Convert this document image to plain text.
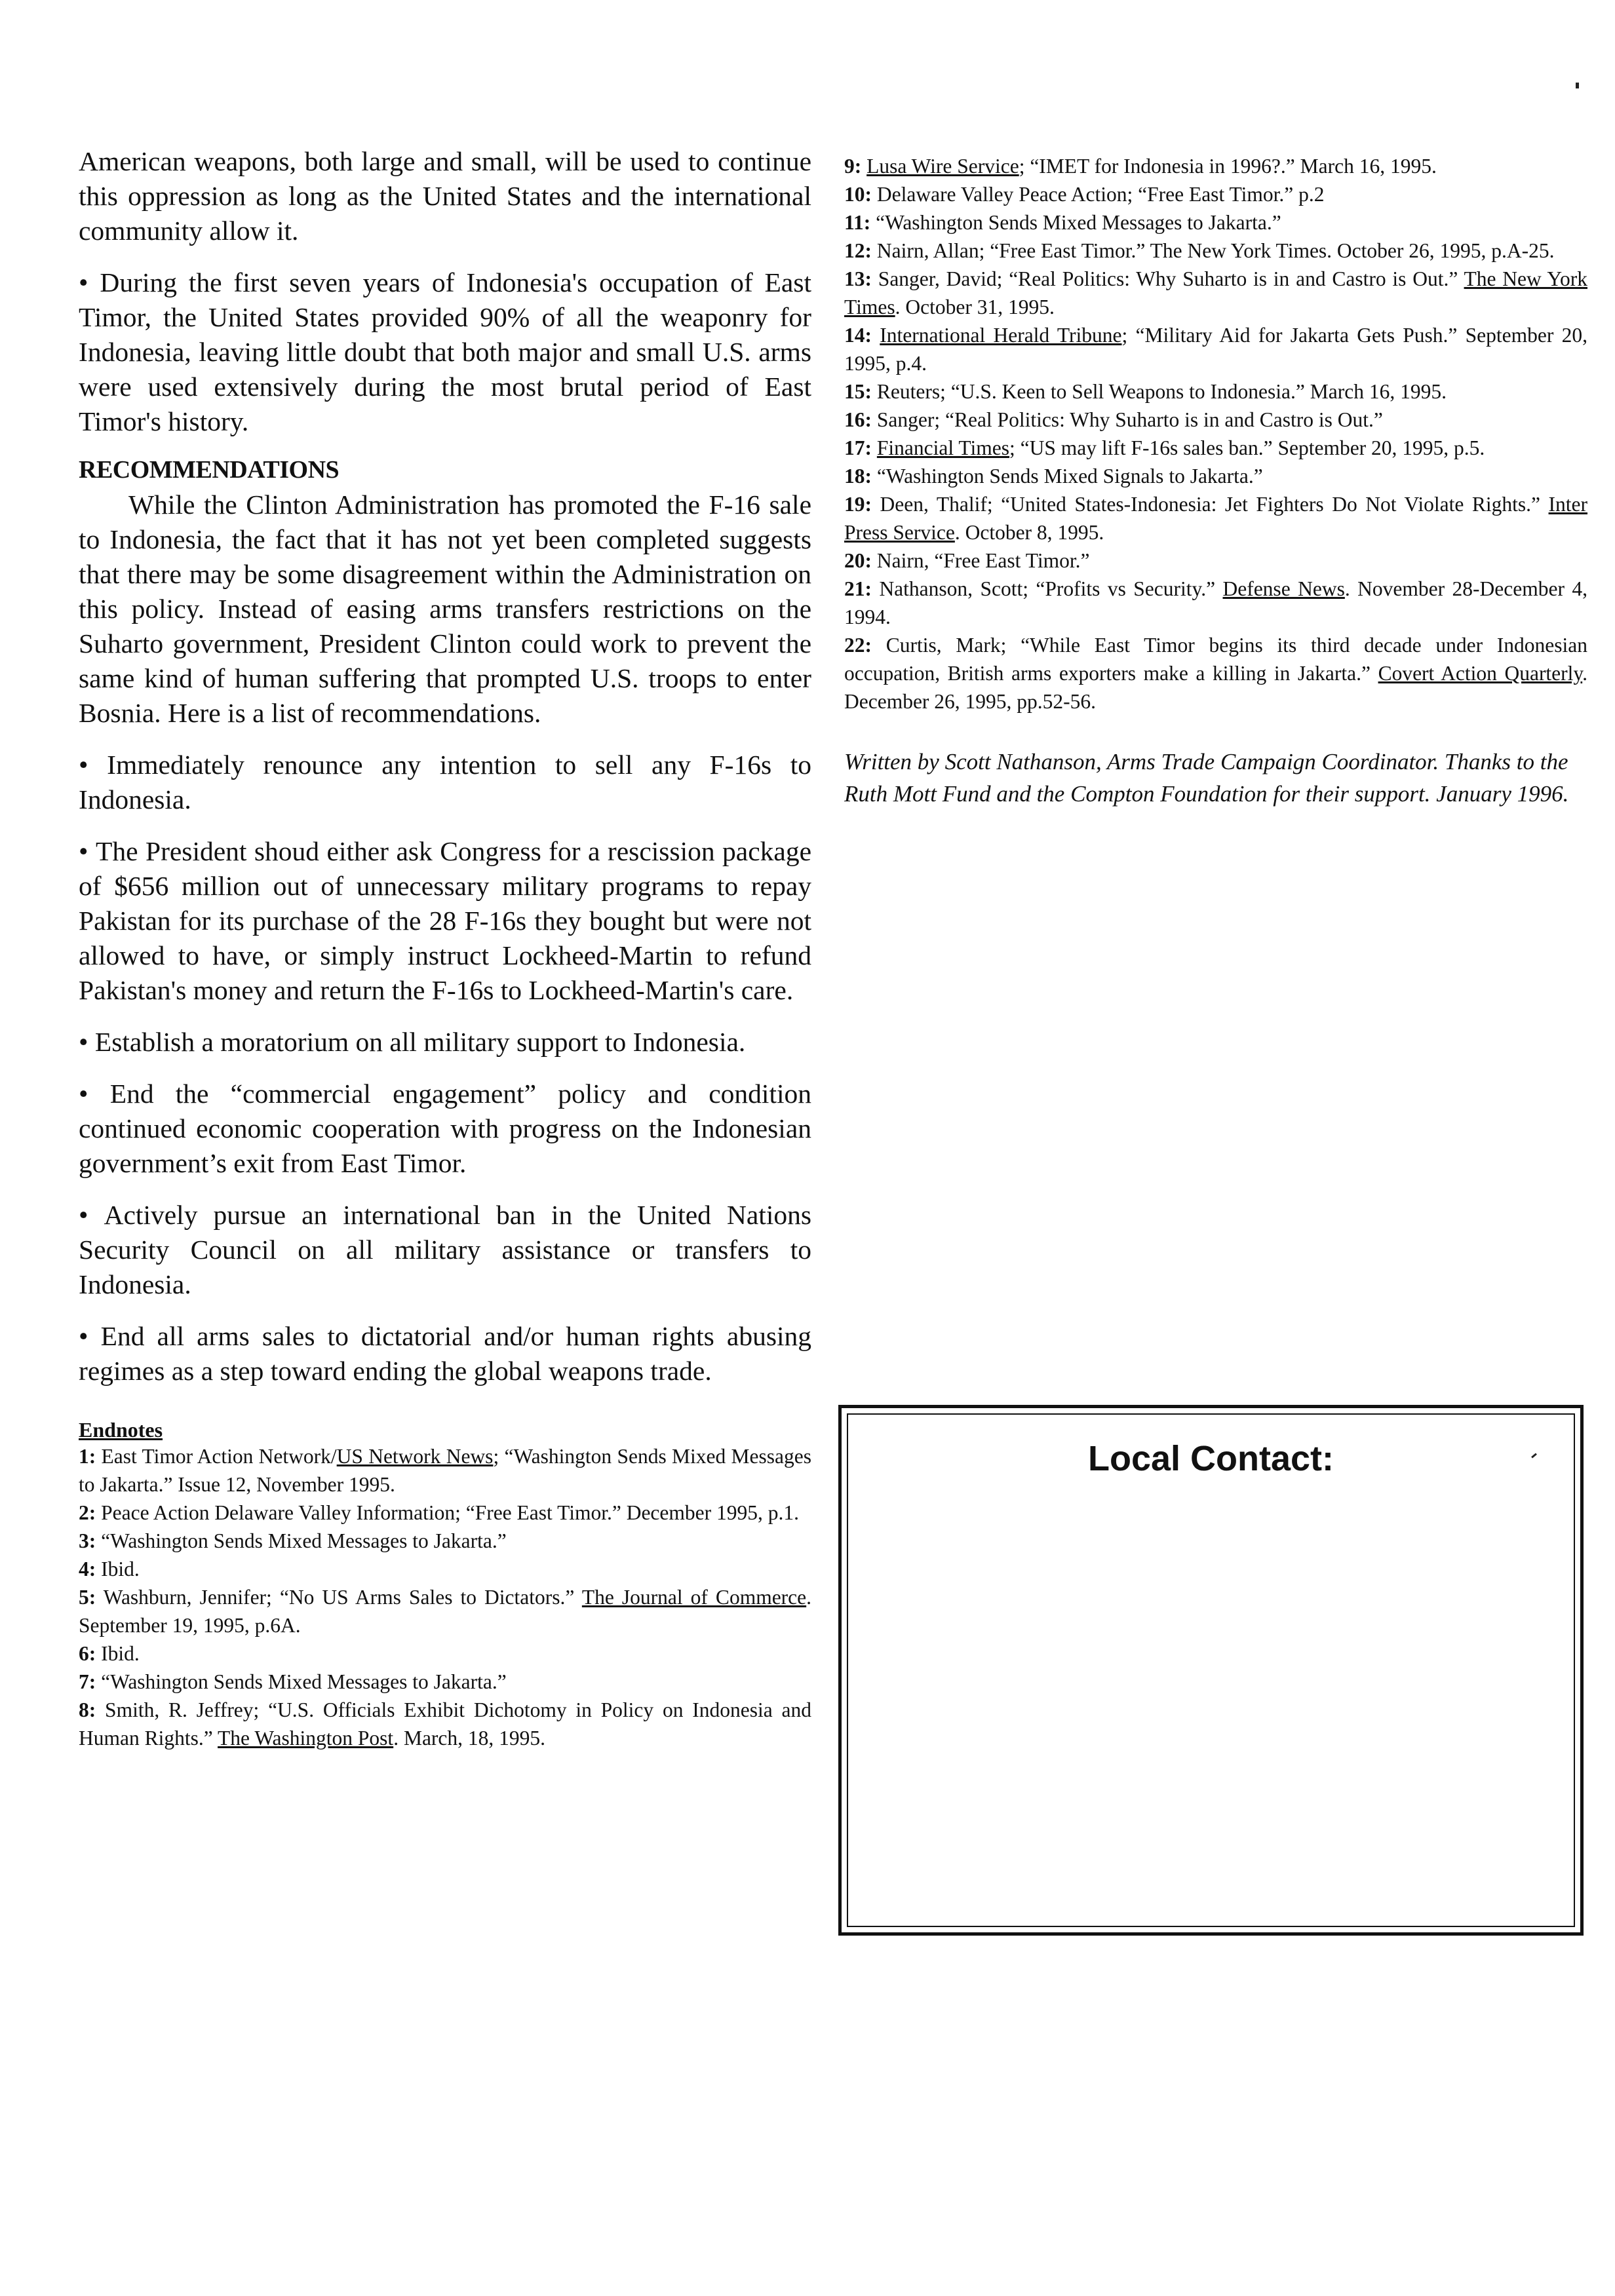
American weapons, both large and small, will be used to continue this oppression as long as the United States and the international community allow it.

• During the first seven years of Indonesia's occupation of East Timor, the United States provided 90% of all the weaponry for Indonesia, leaving little doubt that both major and small U.S. arms were used extensively during the most brutal period of East Timor's history.
RECOMMENDATIONS

While the Clinton Administration has promoted the F-16 sale to Indonesia, the fact that it has not yet been completed suggests that there may be some disagreement within the Administration on this policy. Instead of easing arms transfers restrictions on the Suharto government, President Clinton could work to prevent the same kind of human suffering that prompted U.S. troops to enter Bosnia. Here is a list of recommendations.

• Immediately renounce any intention to sell any F-16s to Indonesia.
• The President shoud either ask Congress for a rescission package of $656 million out of unnecessary military programs to repay Pakistan for its purchase of the 28 F-16s they bought but were not allowed to have, or simply instruct Lockheed-Martin to refund Pakistan's money and return the F-16s to Lockheed-Martin's care.
• Establish a moratorium on all military support to Indonesia.
• End the “commercial engagement” policy and condition continued economic cooperation with progress on the Indonesian government’s exit from East Timor.
• Actively pursue an international ban in the United Nations Security Council on all military assistance or transfers to Indonesia.
• End all arms sales to dictatorial and/or human rights abusing regimes as a step toward ending the global weapons trade.
Endnotes
1: East Timor Action Network/US Network News; “Washington Sends Mixed Messages to Jakarta.” Issue 12, November 1995.
2: Peace Action Delaware Valley Information; “Free East Timor.” December 1995, p.1.
3: “Washington Sends Mixed Messages to Jakarta.”
4: Ibid.
5: Washburn, Jennifer; “No US Arms Sales to Dictators.” The Journal of Commerce. September 19, 1995, p.6A.
6: Ibid.
7: “Washington Sends Mixed Messages to Jakarta.”
8: Smith, R. Jeffrey; “U.S. Officials Exhibit Dichotomy in Policy on Indonesia and Human Rights.” The Washington Post. March, 18, 1995.
9: Lusa Wire Service; “IMET for Indonesia in 1996?.” March 16, 1995.
10: Delaware Valley Peace Action; “Free East Timor.” p.2
11: “Washington Sends Mixed Messages to Jakarta.”
12: Nairn, Allan; “Free East Timor.” The New York Times. October 26, 1995, p.A-25.
13: Sanger, David; “Real Politics: Why Suharto is in and Castro is Out.” The New York Times. October 31, 1995.
14: International Herald Tribune; “Military Aid for Jakarta Gets Push.” September 20, 1995, p.4.
15: Reuters; “U.S. Keen to Sell Weapons to Indonesia.” March 16, 1995.
16: Sanger; “Real Politics: Why Suharto is in and Castro is Out.”
17: Financial Times; “US may lift F-16s sales ban.” September 20, 1995, p.5.
18: “Washington Sends Mixed Signals to Jakarta.”
19: Deen, Thalif; “United States-Indonesia: Jet Fighters Do Not Violate Rights.” Inter Press Service. October 8, 1995.
20: Nairn, “Free East Timor.”
21: Nathanson, Scott; “Profits vs Security.” Defense News. November 28-December 4, 1994.
22: Curtis, Mark; “While East Timor begins its third decade under Indonesian occupation, British arms exporters make a killing in Jakarta.” Covert Action Quarterly. December 26, 1995, pp.52-56.
Written by Scott Nathanson, Arms Trade Campaign Coordinator. Thanks to the Ruth Mott Fund and the Compton Foundation for their support. January 1996.
Local Contact:
